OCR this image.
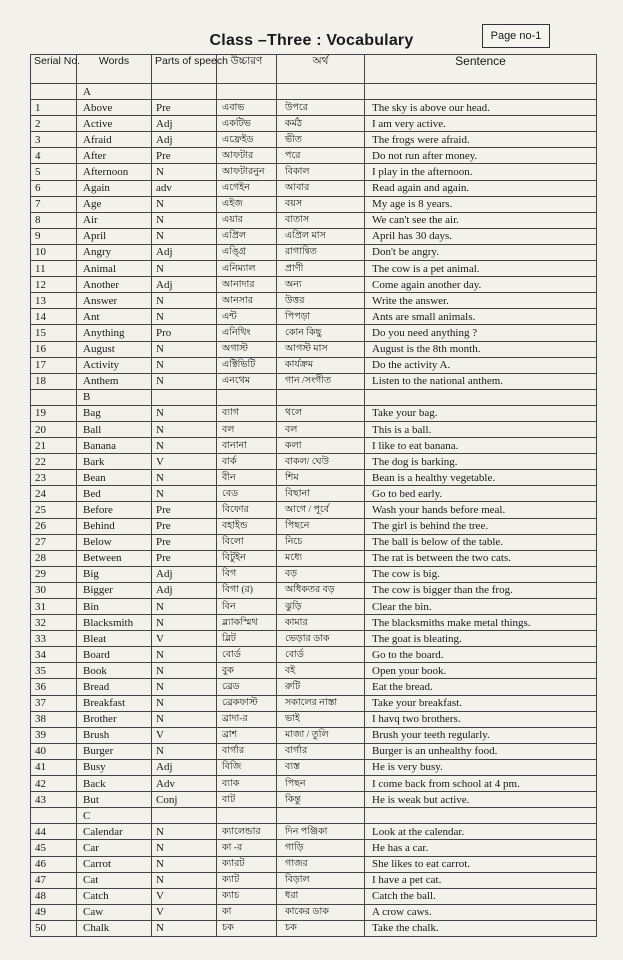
Class –Three : Vocabulary	Page no-1
Serial No.	Words	Parts of speech	উচ্চারণ	অর্থ	Sentence
	A				
1	Above	Pre	এবাভ	উপরে	The sky is above our head.
2	Active	Adj	একটিভ	কর্মঠ	I am very active.
3	Afraid	Adj	এফ্রেইড	ভীত	The frogs were afraid.
4	After	Pre	আফটার	পরে	Do not run after money.
5	Afternoon	N	আফটারনুন	বিকাল	I play in the afternoon.
6	Again	adv	এগেইন	আবার	Read again and again.
7	Age	N	এইজ	বয়স	My age is 8 years.
8	Air	N	এয়ার	বাতাস	We can't see the air.
9	April	N	এপ্রিল	এপ্রিল মাস	April has 30 days.
10	Angry	Adj	এঙ্গ্রি	রাগান্বিত	Don't be angry.
11	Animal	N	এনিম্যাল	প্রাণী	The cow is a pet animal.
12	Another	Adj	আনাদার	অন্য	Come again another day.
13	Answer	N	আনসার	উত্তর	Write the answer.
14	Ant	N	এন্ট	পিপড়া	Ants are small animals.
15	Anything	Pro	এনিথিং	কোন কিছু	Do you need anything ?
16	August	N	অগাস্ট	আগস্ট মাস	August is the 8th month.
17	Activity	N	এক্টিভিটি	কার্যক্রম	Do the activity A.
18	Anthem	N	এনথেম	গান /সংগীত	Listen to the national anthem.
	B				
19	Bag	N	ব্যাগ	থলে	Take your bag.
20	Ball	N	বল	বল	This is a ball.
21	Banana	N	বানানা	কলা	I like to eat banana.
22	Bark	V	বার্ক	বাকল/ ঘেউ	The dog is barking.
23	Bean	N	বীন	শিম	Bean is a healthy vegetable.
24	Bed	N	বেড	বিছানা	Go to bed early.
25	Before	Pre	বিফোর	আগে / পূর্বে	Wash your hands before meal.
26	Behind	Pre	বহাইন্ড	পিছনে	The girl is behind the tree.
27	Below	Pre	বিলো	নিচে	The ball is below of the table.
28	Between	Pre	বিটুইন	মধ্যে	The rat is between the two cats.
29	Big	Adj	বিগ	বড়	The cow is big.
30	Bigger	Adj	বিগা (র)	অধিকতর বড়	The cow is bigger than the frog.
31	Bin	N	বিন	ঝুড়ি	Clear the bin.
32	Blacksmith	N	ব্ল্যাকস্মিথ	কামার	The blacksmiths make metal things.
33	Bleat	V	ব্লিট	ভেড়ার ডাক	The goat is bleating.
34	Board	N	বোর্ড	বোর্ড	Go to the board.
35	Book	N	বুক	বই	Open your book.
36	Bread	N	ব্রেড	রুটি	Eat the bread.
37	Breakfast	N	ব্রেকফাস্ট	সকালের নাস্তা	Take your breakfast.
38	Brother	N	ব্রাদা-র	ভাই	I havq two brothers.
39	Brush	V	ব্রাশ	মাজা / তুলি	Brush your teeth regularly.
40	Burger	N	বার্গার	বার্গার	Burger is an unhealthy food.
41	Busy	Adj	বিজি	ব্যস্ত	He is very busy.
42	Back	Adv	ব্যাক	পিছন	I come back from school at 4 pm.
43	But	Conj	বাট	কিন্তু	He is weak but active.
	C				
44	Calendar	N	ক্যালেন্ডার	দিন পঞ্জিকা	Look at the calendar.
45	Car	N	কা -র	গাড়ি	He has a car.
46	Carrot	N	ক্যারট	গাজর	She likes to eat carrot.
47	Cat	N	ক্যাট	বিড়াল	I have a pet cat.
48	Catch	V	ক্যাচ	ধরা	Catch the ball.
49	Caw	V	কা	কাকের ডাক	A crow caws.
50	Chalk	N	চক	চক	Take the chalk.
